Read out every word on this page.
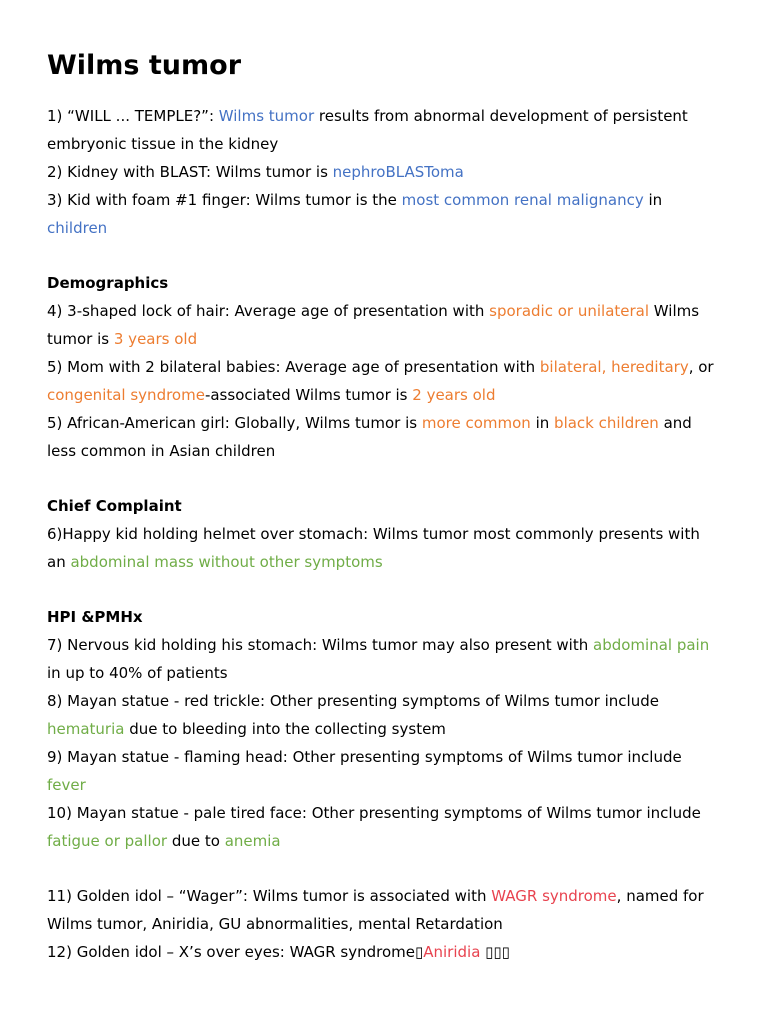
Wilms tumor

1) “WILL ... TEMPLE?”: Wilms tumor results from abnormal development of persistent embryonic tissue in the kidney

2) Kidney with BLAST: Wilms tumor is nephroBLASToma

3) Kid with foam #1 finger: Wilms tumor is the most common renal malignancy in children

Demographics

4) 3-shaped lock of hair: Average age of presentation with sporadic or unilateral Wilms tumor is 3 years old

5) Mom with 2 bilateral babies: Average age of presentation with bilateral, hereditary, or congenital syndrome-associated Wilms tumor is 2 years old

5) African-American girl: Globally, Wilms tumor is more common in black children and less common in Asian children

Chief Complaint

6)Happy kid holding helmet over stomach: Wilms tumor most commonly presents with an abdominal mass without other symptoms

HPI &PMHx

7) Nervous kid holding his stomach: Wilms tumor may also present with abdominal pain in up to 40% of patients

8) Mayan statue - red trickle: Other presenting symptoms of Wilms tumor include hematuria due to bleeding into the collecting system

9) Mayan statue - flaming head: Other presenting symptoms of Wilms tumor include fever

10) Mayan statue - pale tired face: Other presenting symptoms of Wilms tumor include fatigue or pallor due to anemia

11) Golden idol – “Wager”: Wilms tumor is associated with WAGR syndrome, named for Wilms tumor, Aniridia, GU abnormalities, mental Retardation

12) Golden idol – X’s over eyes: WAGR syndrome▯Aniridia ▯▯▯
